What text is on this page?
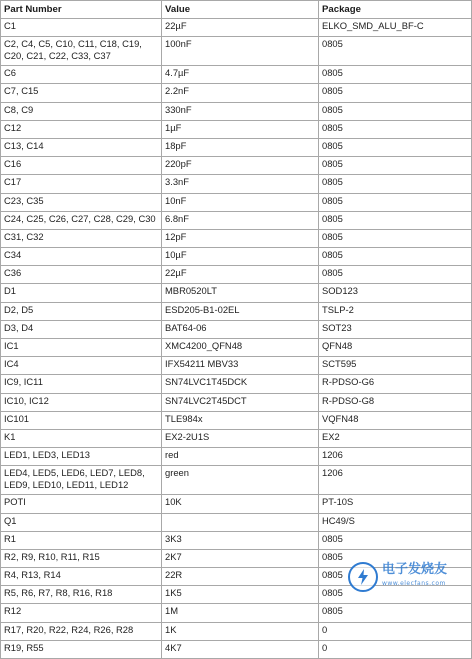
Part Number	Value	Package
C1	22µF	ELKO_SMD_ALU_BF-C
C2, C4, C5, C10, C11, C18, C19, C20, C21, C22, C33, C37	100nF	0805
C6	4.7µF	0805
C7, C15	2.2nF	0805
C8, C9	330nF	0805
C12	1µF	0805
C13, C14	18pF	0805
C16	220pF	0805
C17	3.3nF	0805
C23, C35	10nF	0805
C24, C25, C26, C27, C28, C29, C30	6.8nF	0805
C31, C32	12pF	0805
C34	10µF	0805
C36	22µF	0805
D1	MBR0520LT	SOD123
D2, D5	ESD205-B1-02EL	TSLP-2
D3, D4	BAT64-06	SOT23
IC1	XMC4200_QFN48	QFN48
IC4	IFX54211 MBV33	SCT595
IC9, IC11	SN74LVC1T45DCK	R-PDSO-G6
IC10, IC12	SN74LVC2T45DCT	R-PDSO-G8
IC101	TLE984x	VQFN48
K1	EX2-2U1S	EX2
LED1, LED3, LED13	red	1206
LED4, LED5, LED6, LED7, LED8, LED9, LED10, LED11, LED12	green	1206
POTI	10K	PT-10S
Q1		HC49/S
R1	3K3	0805
R2, R9, R10, R11, R15	2K7	0805
R4, R13, R14	22R	0805
R5, R6, R7, R8, R16, R18	1K5	0805
R12	1M	0805
R17, R20, R22, R24, R26, R28	1K	0
R19, R55	4K7	0
电子发烧友
www.elecfans.com
